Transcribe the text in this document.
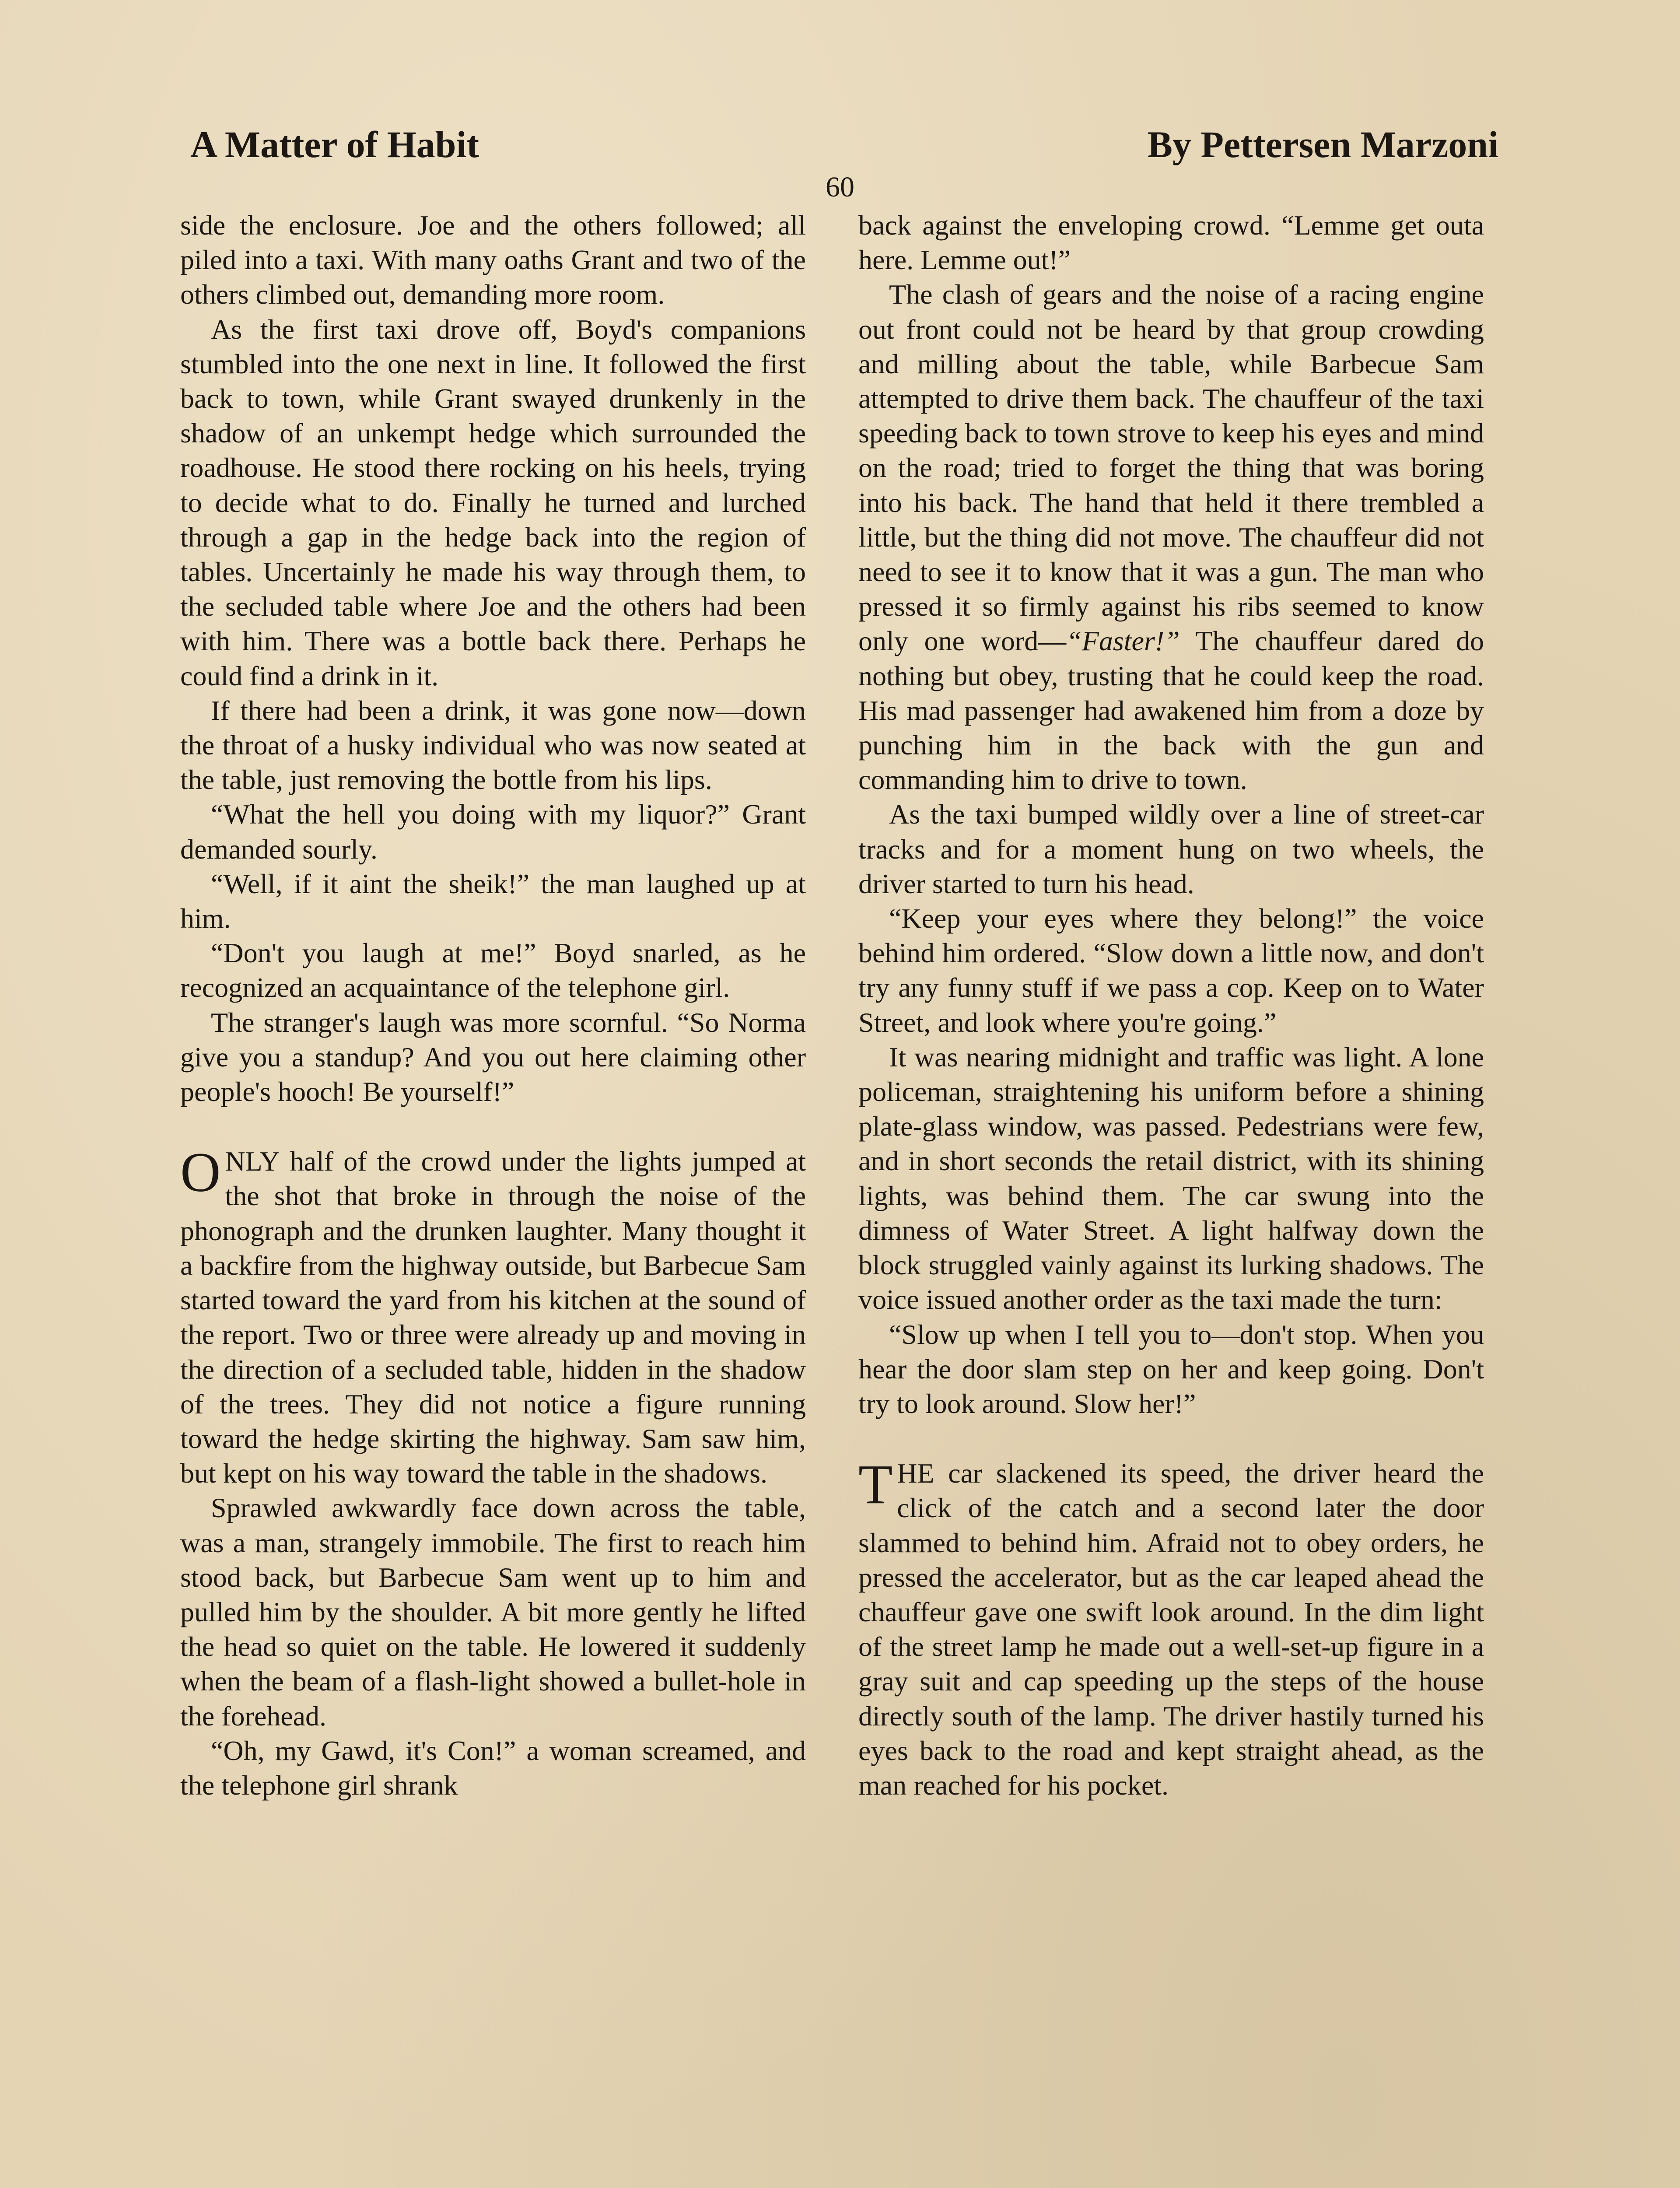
A Matter of Habit	By Pettersen Marzoni
60

side the enclosure. Joe and the others followed; all piled into a taxi. With many oaths Grant and two of the others climbed out, demanding more room.

As the first taxi drove off, Boyd's companions stumbled into the one next in line. It followed the first back to town, while Grant swayed drunkenly in the shadow of an unkempt hedge which surrounded the roadhouse. He stood there rocking on his heels, trying to decide what to do. Finally he turned and lurched through a gap in the hedge back into the region of tables. Uncertainly he made his way through them, to the secluded table where Joe and the others had been with him. There was a bottle back there. Perhaps he could find a drink in it.

If there had been a drink, it was gone now—down the throat of a husky individual who was now seated at the table, just removing the bottle from his lips.

“What the hell you doing with my liquor?” Grant demanded sourly.

“Well, if it aint the sheik!” the man laughed up at him.

“Don't you laugh at me!” Boyd snarled, as he recognized an acquaintance of the telephone girl.

The stranger's laugh was more scornful. “So Norma give you a standup? And you out here claiming other people's hooch! Be yourself!”

ONLY half of the crowd under the lights jumped at the shot that broke in through the noise of the phonograph and the drunken laughter. Many thought it a backfire from the highway outside, but Barbecue Sam started toward the yard from his kitchen at the sound of the report. Two or three were already up and moving in the direction of a secluded table, hidden in the shadow of the trees. They did not notice a figure running toward the hedge skirting the highway. Sam saw him, but kept on his way toward the table in the shadows.

Sprawled awkwardly face down across the table, was a man, strangely immobile. The first to reach him stood back, but Barbecue Sam went up to him and pulled him by the shoulder. A bit more gently he lifted the head so quiet on the table. He lowered it suddenly when the beam of a flash-light showed a bullet-hole in the forehead.

“Oh, my Gawd, it's Con!” a woman screamed, and the telephone girl shrank

back against the enveloping crowd. “Lemme get outa here. Lemme out!”

The clash of gears and the noise of a racing engine out front could not be heard by that group crowding and milling about the table, while Barbecue Sam attempted to drive them back. The chauffeur of the taxi speeding back to town strove to keep his eyes and mind on the road; tried to forget the thing that was boring into his back. The hand that held it there trembled a little, but the thing did not move. The chauffeur did not need to see it to know that it was a gun. The man who pressed it so firmly against his ribs seemed to know only one word—“Faster!” The chauffeur dared do nothing but obey, trusting that he could keep the road. His mad passenger had awakened him from a doze by punching him in the back with the gun and commanding him to drive to town.

As the taxi bumped wildly over a line of street-car tracks and for a moment hung on two wheels, the driver started to turn his head.

“Keep your eyes where they belong!” the voice behind him ordered. “Slow down a little now, and don't try any funny stuff if we pass a cop. Keep on to Water Street, and look where you're going.”

It was nearing midnight and traffic was light. A lone policeman, straightening his uniform before a shining plate-glass window, was passed. Pedestrians were few, and in short seconds the retail district, with its shining lights, was behind them. The car swung into the dimness of Water Street. A light halfway down the block struggled vainly against its lurking shadows. The voice issued another order as the taxi made the turn:

“Slow up when I tell you to—don't stop. When you hear the door slam step on her and keep going. Don't try to look around. Slow her!”

THE car slackened its speed, the driver heard the click of the catch and a second later the door slammed to behind him. Afraid not to obey orders, he pressed the accelerator, but as the car leaped ahead the chauffeur gave one swift look around. In the dim light of the street lamp he made out a well-set-up figure in a gray suit and cap speeding up the steps of the house directly south of the lamp. The driver hastily turned his eyes back to the road and kept straight ahead, as the man reached for his pocket.
